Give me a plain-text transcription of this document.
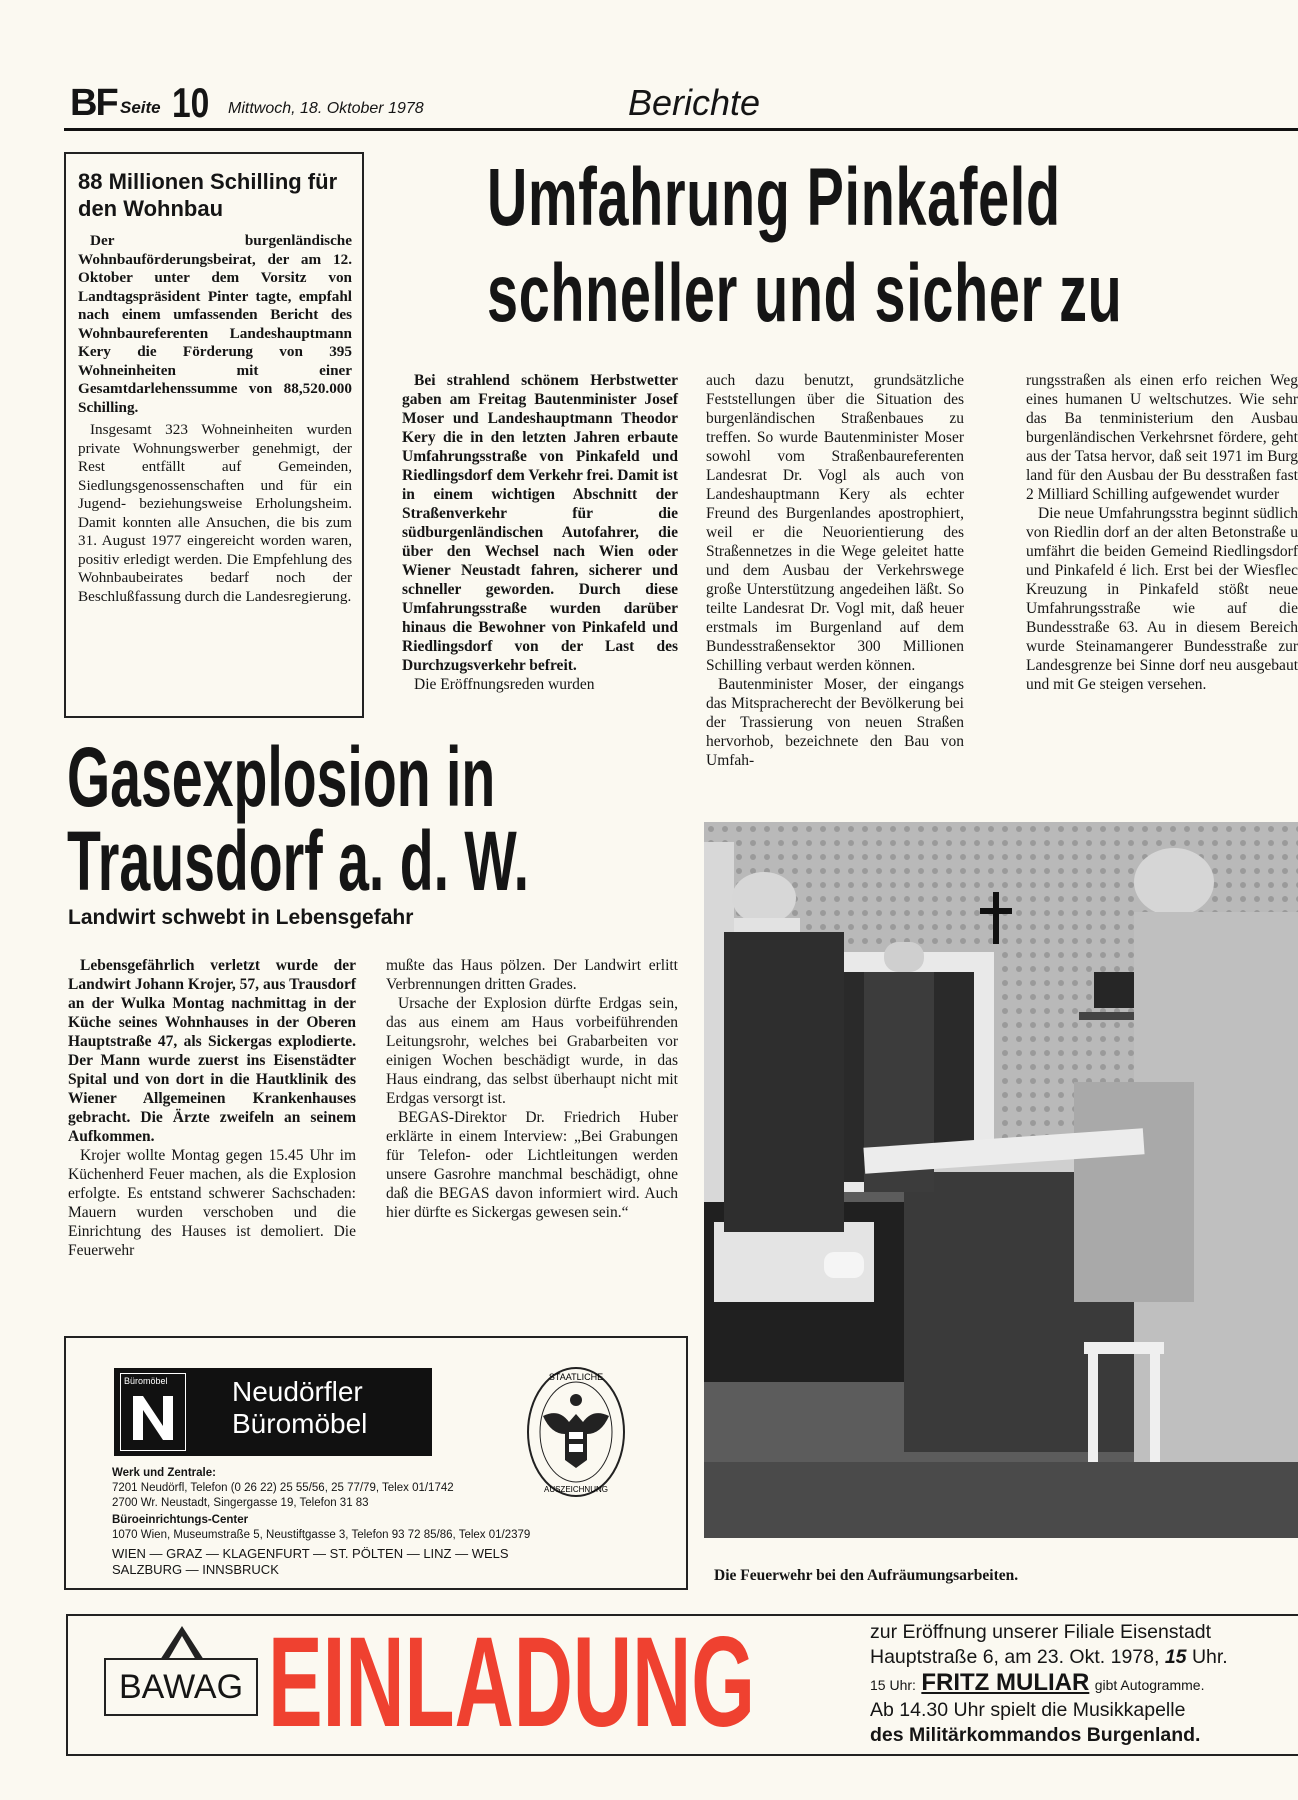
BF Seite 10 Mittwoch, 18. Oktober 1978	Berichte
88 Millionen Schilling für den Wohnbau

Der burgenländische Wohnbauförderungsbeirat, der am 12. Oktober unter dem Vorsitz von Landtagspräsident Pinter tagte, empfahl nach einem umfassenden Bericht des Wohnbaureferenten Landeshauptmann Kery die Förderung von 395 Wohneinheiten mit einer Gesamtdarlehenssumme von 88,520.000 Schilling.

Insgesamt 323 Wohneinheiten wurden private Wohnungswerber genehmigt, der Rest entfällt auf Gemeinden, Siedlungsgenossenschaften und für ein Jugend- beziehungsweise Erholungsheim. Damit konnten alle Ansuchen, die bis zum 31. August 1977 eingereicht worden waren, positiv erledigt werden. Die Empfehlung des Wohnbaubeirates bedarf noch der Beschlußfassung durch die Landesregierung.

Umfahrung Pinkafeld
schneller und sicher zu

Bei strahlend schönem Herbstwetter gaben am Freitag Bautenminister Josef Moser und Landeshauptmann Theodor Kery die in den letzten Jahren erbaute Umfahrungsstraße von Pinkafeld und Riedlingsdorf dem Verkehr frei. Damit ist in einem wichtigen Abschnitt der Straßenverkehr für die südburgenländischen Autofahrer, die über den Wechsel nach Wien oder Wiener Neustadt fahren, sicherer und schneller geworden. Durch diese Umfahrungsstraße wurden darüber hinaus die Bewohner von Pinkafeld und Riedlingsdorf von der Last des Durchzugsverkehr befreit.

Die Eröffnungsreden wurden

auch dazu benutzt, grundsätzliche Feststellungen über die Situation des burgenländischen Straßenbaues zu treffen. So wurde Bautenminister Moser sowohl vom Straßenbaureferenten Landesrat Dr. Vogl als auch von Landeshauptmann Kery als echter Freund des Burgenlandes apostrophiert, weil er die Neuorientierung des Straßennetzes in die Wege geleitet hatte und dem Ausbau der Verkehrswege große Unterstützung angedeihen läßt. So teilte Landesrat Dr. Vogl mit, daß heuer erstmals im Burgenland auf dem Bundesstraßensektor 300 Millionen Schilling verbaut werden können.

Bautenminister Moser, der eingangs das Mitspracherecht der Bevölkerung bei der Trassierung von neuen Straßen hervorhob, bezeichnete den Bau von Umfah-

rungsstraßen als einen erfo reichen Weg eines humanen U weltschutzes. Wie sehr das Ba tenministerium den Ausbau burgenländischen Verkehrsnet fördere, geht aus der Tatsa hervor, daß seit 1971 im Burg land für den Ausbau der Bu desstraßen fast 2 Milliard Schilling aufgewendet wurder

Die neue Umfahrungsstra beginnt südlich von Riedlin dorf an der alten Betonstraße u umfährt die beiden Gemeind Riedlingsdorf und Pinkafeld é lich. Erst bei der Wiesflec Kreuzung in Pinkafeld stößt neue Umfahrungsstraße wie auf die Bundesstraße 63. Au in diesem Bereich wurde Steinamangerer Bundesstraße zur Landesgrenze bei Sinne dorf neu ausgebaut und mit Ge steigen versehen.

Gasexplosion in
Trausdorf a. d. W.
Landwirt schwebt in Lebensgefahr

Lebensgefährlich verletzt wurde der Landwirt Johann Krojer, 57, aus Trausdorf an der Wulka Montag nachmittag in der Küche seines Wohnhauses in der Oberen Hauptstraße 47, als Sickergas explodierte. Der Mann wurde zuerst ins Eisenstädter Spital und von dort in die Hautklinik des Wiener Allgemeinen Krankenhauses gebracht. Die Ärzte zweifeln an seinem Aufkommen.

Krojer wollte Montag gegen 15.45 Uhr im Küchenherd Feuer machen, als die Explosion erfolgte. Es entstand schwerer Sachschaden: Mauern wurden verschoben und die Einrichtung des Hauses ist demoliert. Die Feuerwehr

mußte das Haus pölzen. Der Landwirt erlitt Verbrennungen dritten Grades.

Ursache der Explosion dürfte Erdgas sein, das aus einem am Haus vorbeiführenden Leitungsrohr, welches bei Grabarbeiten vor einigen Wochen beschädigt wurde, in das Haus eindrang, das selbst überhaupt nicht mit Erdgas versorgt ist.

BEGAS-Direktor Dr. Friedrich Huber erklärte in einem Interview: „Bei Grabungen für Telefon- oder Lichtleitungen werden unsere Gasrohre manchmal beschädigt, ohne daß die BEGAS davon informiert wird. Auch hier dürfte es Sickergas gewesen sein.“

Die Feuerwehr bei den Aufräumungsarbeiten.
Büromöbel Neudörfler
Büromöbel
STAATLICHE
AUSZEICHNUNG
Werk und Zentrale:
7201 Neudörfl, Telefon (0 26 22) 25 55/56, 25 77/79, Telex 01/1742
2700 Wr. Neustadt, Singergasse 19, Telefon 31 83
Büroeinrichtungs-Center
1070 Wien, Museumstraße 5, Neustiftgasse 3, Telefon 93 72 85/86, Telex 01/2379
WIEN — GRAZ — KLAGENFURT — ST. PÖLTEN — LINZ — WELS
SALZBURG — INNSBRUCK
BAWAG EINLADUNG	zur Eröffnung unserer Filiale Eisenstadt
Hauptstraße 6, am 23. Okt. 1978, 15 Uhr.
15 Uhr: FRITZ MULIAR gibt Autogramme.
Ab 14.30 Uhr spielt die Musikkapelle
des Militärkommandos Burgenland.
